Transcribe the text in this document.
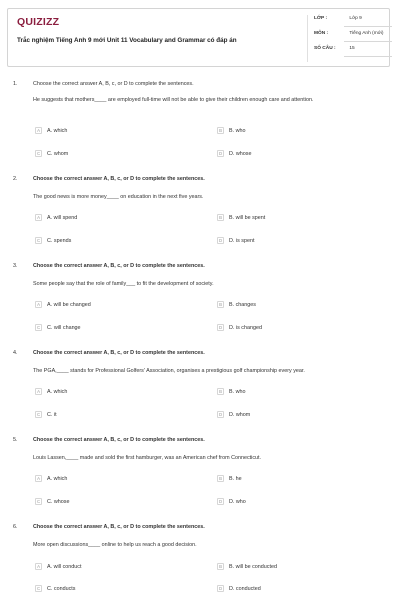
QUIZIZZ
Trắc nghiệm Tiếng Anh 9 mới Unit 11 Vocabulary and Grammar có đáp án
LỚP :	Lớp 9
MÔN :	Tiếng Anh (mới)
SỐ CÂU :	15
1.	Choose the correct answer A, B, c, or D to complete the sentences.
He suggests that mothers____ are employed full-time will not be able to give their children enough care and attention.
A	A. which	B	B. who
C	C. whom	D	D. whose
2.	Choose the correct answer A, B, c, or D to complete the sentences.
The good news is more money____ on education in the next five years.
A	A. will spend	B	B. will be spent
C	C. spends	D	D. is spent
3.	Choose the correct answer A, B, c, or D to complete the sentences.
Some people say that the role of family___ to fit the development of society.
A	A. will be changed	B	B. changes
C	C. will change	D	D. is changed
4.	Choose the correct answer A, B, c, or D to complete the sentences.
The PGA,____ stands for Professional Golfers' Association, organises a prestigious golf championship every year.
A	A. which	B	B. who
C	C. it	D	D. whom
5.	Choose the correct answer A, B, c, or D to complete the sentences.
Louis Lassen,____ made and sold the first hamburger, was an American chef from Connecticut.
A	A. which	B	B. he
C	C. whose	D	D. who
6.	Choose the correct answer A, B, c, or D to complete the sentences.
More open discussions____ online to help us reach a good decision.
A	A. will conduct	B	B. will be conducted
C	C. conducts	D	D. conducted
